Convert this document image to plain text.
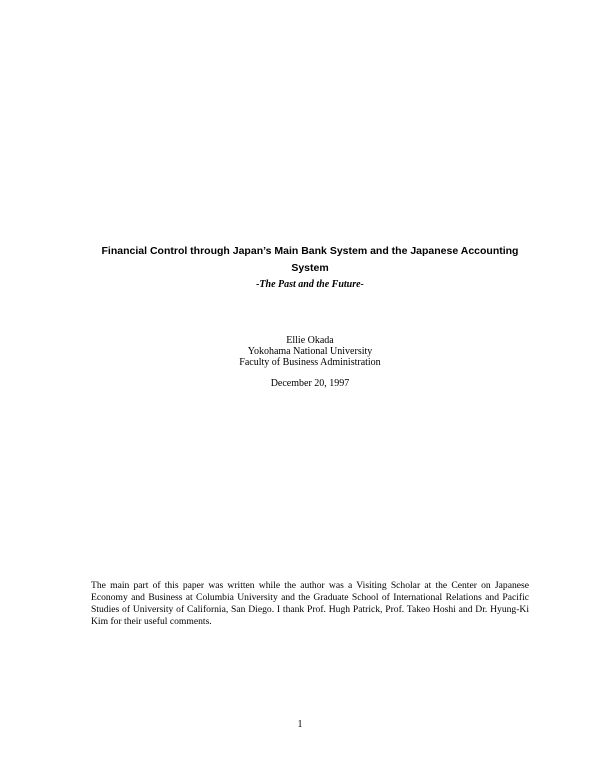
Financial Control through Japan’s Main Bank System and the Japanese Accounting System

-The Past and the Future-

Ellie Okada
Yokohama National University
Faculty of Business Administration

December 20, 1997

The main part of this paper was written while the author was a Visiting Scholar at the Center on Japanese Economy and Business at Columbia University and the Graduate School of International Relations and Pacific Studies of University of California, San Diego. I thank Prof. Hugh Patrick, Prof. Takeo Hoshi and Dr. Hyung-Ki Kim for their useful comments.

1
